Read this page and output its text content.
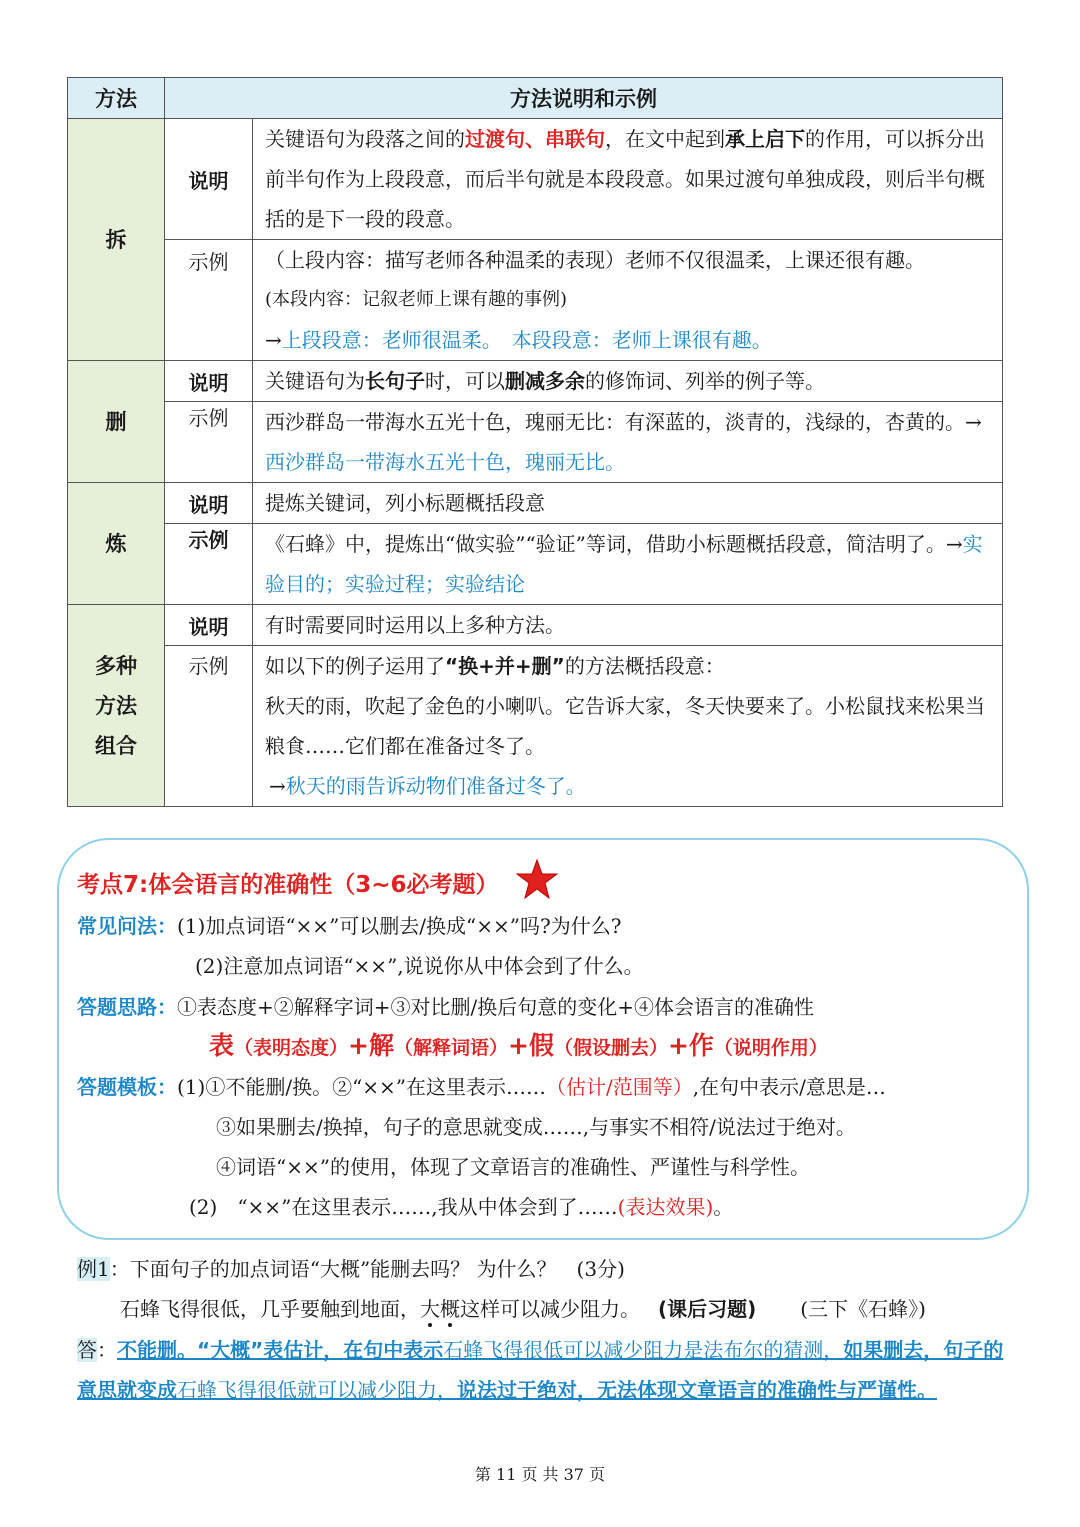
方法	方法说明和示例	
拆	说明	关键语句为段落之间的过渡句、串联句，在文中起到承上启下的作用，可以拆分出前半句作为上段段意，而后半句就是本段段意。如果过渡句单独成段，则后半句概括的是下一段的段意。
	示例	（上段内容：描写老师各种温柔的表现）老师不仅很温柔，上课还很有趣。
(本段内容：记叙老师上课有趣的事例)
→上段段意：老师很温柔。　本段段意：老师上课很有趣。

删	说明	关键语句为长句子时，可以删减多余的修饰词、列举的例子等。
	示例	西沙群岛一带海水五光十色，瑰丽无比：有深蓝的，淡青的，浅绿的，杏黄的。→西沙群岛一带海水五光十色，瑰丽无比。
炼	说明	提炼关键词，列小标题概括段意
	示例	《石蜂》中，提炼出“做实验”“验证”等词，借助小标题概括段意，简洁明了。→实验目的；实验过程；实验结论

多种
方法
组合	说明	有时需要同时运用以上多种方法。
	示例	如以下的例子运用了“换+并+删”的方法概括段意：
秋天的雨，吹起了金色的小喇叭。它告诉大家，冬天快要来了。小松鼠找来松果当粮食……它们都在准备过冬了。
→秋天的雨告诉动物们准备过冬了。
考点7:体会语言的准确性（3~6必考题）
常见问法：(1)加点词语“××”可以删去/换成“××”吗?为什么?
(2)注意加点词语“××”,说说你从中体会到了什么。
答题思路：①表态度+②解释字词+③对比删/换后句意的变化+④体会语言的准确性
表（表明态度）+解（解释词语）+假（假设删去）+作（说明作用）
答题模板：(1)①不能删/换。②“××”在这里表示……（估计/范围等）,在句中表示/意思是…
③如果删去/换掉，句子的意思就变成……,与事实不相符/说法过于绝对。
④词语“××”的使用，体现了文章语言的准确性、严谨性与科学性。
(2)　“××”在这里表示……,我从中体会到了……(表达效果)。
例1：下面句子的加点词语“大概”能删去吗？ 为什么？　(3分)
石蜂飞得很低，几乎要触到地面，大概这样可以减少阻力。 (课后习题) (三下《石蜂》)
答：不能删。“大概”表估计，在句中表示石蜂飞得很低可以减少阻力是法布尔的猜测，如果删去，句子的意思就变成石蜂飞得很低就可以减少阻力，说法过于绝对，无法体现文章语言的准确性与严谨性。
第 11 页 共 37 页
